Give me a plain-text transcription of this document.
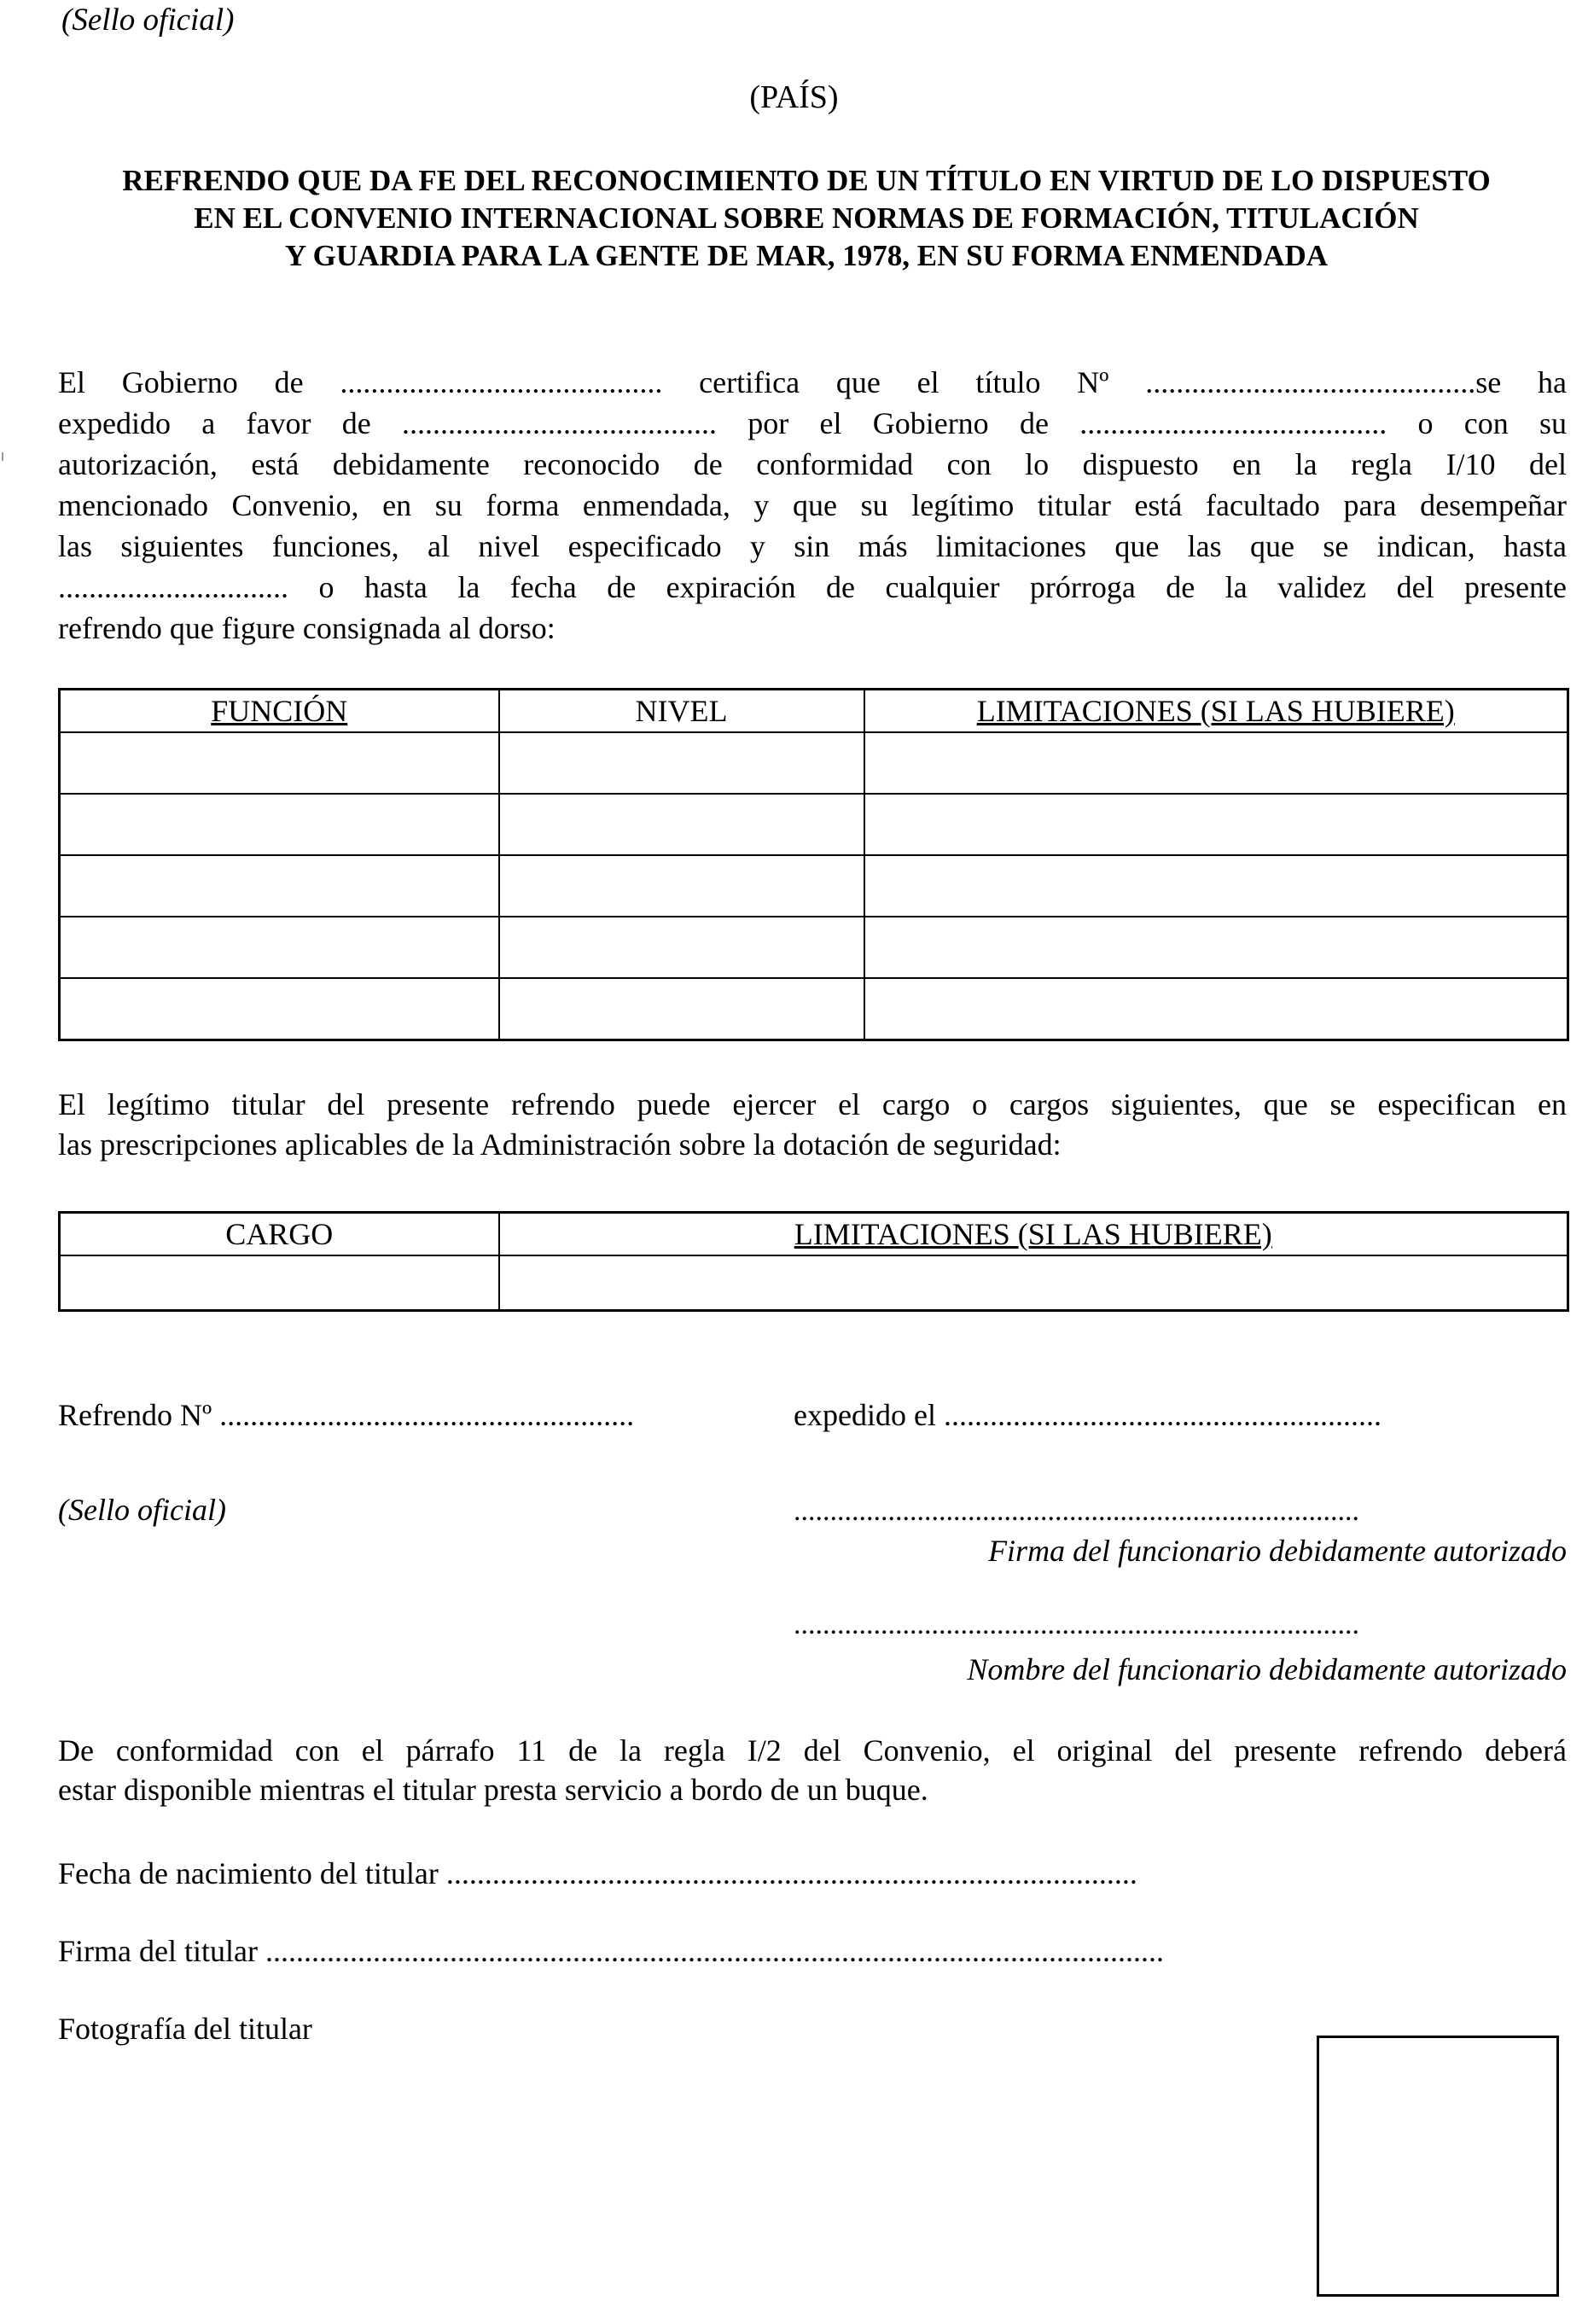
(Sello oficial)
(PAÍS)
REFRENDO QUE DA FE DEL RECONOCIMIENTO DE UN TÍTULO EN VIRTUD DE LO DISPUESTO
EN EL CONVENIO INTERNACIONAL SOBRE NORMAS DE FORMACIÓN, TITULACIÓN
Y GUARDIA PARA LA GENTE DE MAR, 1978, EN SU FORMA ENMENDADA
El Gobierno de .......................................... certifica que el título Nº ...........................................se ha
expedido a favor de ......................................... por el Gobierno de ........................................ o con su
autorización, está debidamente reconocido de conformidad con lo dispuesto en la regla I/10 del
mencionado Convenio, en su forma enmendada, y que su legítimo titular está facultado para desempeñar
las siguientes funciones, al nivel especificado y sin más limitaciones que las que se indican, hasta
.............................. o hasta la fecha de expiración de cualquier prórroga de la validez del presente
refrendo que figure consignada al dorso:
FUNCIÓN	NIVEL	LIMITACIONES (SI LAS HUBIERE)

El legítimo titular del presente refrendo puede ejercer el cargo o cargos siguientes, que se especifican en
las prescripciones aplicables de la Administración sobre la dotación de seguridad:
CARGO	LIMITACIONES (SI LAS HUBIERE)

Refrendo Nº ......................................................	expedido el .........................................................
(Sello oficial)	..............................................................................
Firma del funcionario debidamente autorizado
..............................................................................
Nombre del funcionario debidamente autorizado
De conformidad con el párrafo 11 de la regla I/2 del Convenio, el original del presente refrendo deberá
estar disponible mientras el titular presta servicio a bordo de un buque.
Fecha de nacimiento del titular ..........................................................................................
Firma del titular .....................................................................................................................
Fotografía del titular
